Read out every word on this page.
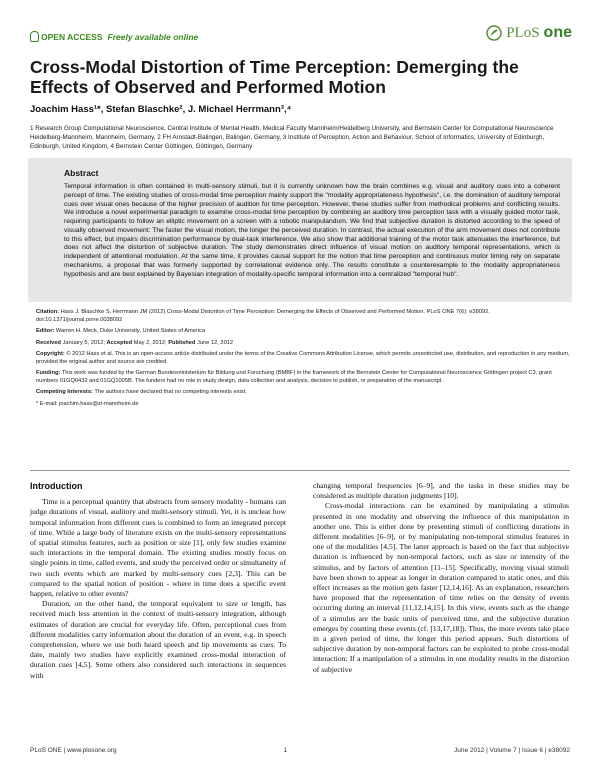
OPEN ACCESS Freely available online	PLoS one
Cross-Modal Distortion of Time Perception: Demerging the Effects of Observed and Performed Motion
Joachim Hass¹*, Stefan Blaschke², J. Michael Herrmann³,⁴
1 Research Group Computational Neuroscience, Central Institute of Mental Health, Medical Faculty Mannheim/Heidelberg University, and Bernstein Center for Computational Neuroscience Heidelberg-Mannheim, Mannheim, Germany, 2 FH Arnstadt-Balingen, Balingen, Germany, 3 Institute of Perception, Action and Behaviour, School of Informatics, University of Edinburgh, Edinburgh, United Kingdom, 4 Bernstein Center Göttingen, Göttingen, Germany
Abstract

Temporal information is often contained in multi-sensory stimuli, but it is currently unknown how the brain combines e.g. visual and auditory cues into a coherent percept of time. The existing studies of cross-modal time perception mainly support the "modality appropriateness hypothesis", i.e. the domination of auditory temporal cues over visual ones because of the higher precision of audition for time perception. However, these studies suffer from methodical problems and conflicting results. We introduce a novel experimental paradigm to examine cross-modal time perception by combining an auditory time perception task with a visually guided motor task, requiring participants to follow an elliptic movement on a screen with a robotic manipulandum. We find that subjective duration is distorted according to the speed of visually observed movement: The faster the visual motion, the longer the perceived duration. In contrast, the actual execution of the arm movement does not contribute to this effect, but impairs discrimination performance by dual-task interference. We also show that additional training of the motor task attenuates the interference, but does not affect the distortion of subjective duration. The study demonstrates direct influence of visual motion on auditory temporal representations, which is independent of attentional modulation. At the same time, it provides causal support for the notion that time perception and continuous motor timing rely on separate mechanisms, a proposal that was formerly supported by correlational evidence only. The results constitute a counterexample to the modality appropriateness hypothesis and are best explained by Bayesian integration of modality-specific temporal information into a centralized "temporal hub".

Citation: Hass J, Blaschke S, Herrmann JM (2012) Cross-Modal Distortion of Time Perception: Demerging the Effects of Observed and Performed Motion. PLoS ONE 7(6): e38092. doi:10.1371/journal.pone.0038092

Editor: Warren H. Meck, Duke University, United States of America

Received January 5, 2012; Accepted May 2, 2012; Published June 12, 2012

Copyright: © 2012 Hass et al. This is an open-access article distributed under the terms of the Creative Commons Attribution License, which permits unrestricted use, distribution, and reproduction in any medium, provided the original author and source are credited.

Funding: This work was funded by the German Bundesministerium für Bildung und Forschung (BMBF) in the framework of the Bernstein Center for Computational Neuroscience Göttingen project C3, grant numbers 01GQ0432 and 01GQ1005B. The funders had no role in study design, data collection and analysis, decision to publish, or preparation of the manuscript.

Competing Interests: The authors have declared that no competing interests exist.

* E-mail: joachim.hass@zi-mannheim.de

Introduction

Time is a perceptual quantity that abstracts from sensory modality - humans can judge durations of visual, auditory and multi-sensory stimuli. Yet, it is unclear how temporal information from different cues is combined to form an integrated percept of time. While a large body of literature exists on the multi-sensory representations of spatial stimulus features, such as position or size [1], only few studies examine such interactions in the temporal domain. The existing studies mostly focus on single points in time, called events, and study the perceived order or simultaneity of two such events which are marked by multi-sensory cues [2,3]. This can be compared to the spatial notion of position - where in time does a specific event happen, relative to other events?

Duration, on the other hand, the temporal equivalent to size or length, has received much less attention in the context of multi-sensory integration, although estimates of duration are crucial for everyday life. Often, perceptional cues from different modalities carry information about the duration of an event, e.g. in speech comprehension, where we use both heard speech and lip movements as cues. To date, mainly two studies have explicitly examined cross-modal interaction of duration cues [4,5]. Some others also considered such interactions in sequences with

changing temporal frequencies [6–9], and the tasks in these studies may be considered as multiple duration judgments [10].

Cross-modal interactions can be examined by manipulating a stimulus presented in one modality and observing the influence of this manipulation in another one. This is either done by presenting stimuli of conflicting durations in different modalities [6–9], or by manipulating non-temporal stimulus features in one of the modalities [4,5]. The latter approach is based on the fact that subjective duration is influenced by non-temporal factors, such as size or intensity of the stimulus, and by factors of attention [11–15]. Specifically, moving visual stimuli have been shown to appear as longer in duration compared to static ones, and this effect increases as the motion gets faster [12,14,16]. As an explanation, researchers have proposed that the representation of time relies on the density of events occurring during an interval [11,12,14,15]. In this view, events such as the change of a stimulus are the basic units of perceived time, and the subjective duration emerges by counting these events (cf. [13,17,18]). Thus, the more events take place in a given period of time, the longer this period appears. Such distortions of subjective duration by non-temporal factors can be exploited to probe cross-modal interaction: If a manipulation of a stimulus in one modality results in the distortion of subjective

PLoS ONE | www.plosone.org	1	June 2012 | Volume 7 | Issue 6 | e38092
